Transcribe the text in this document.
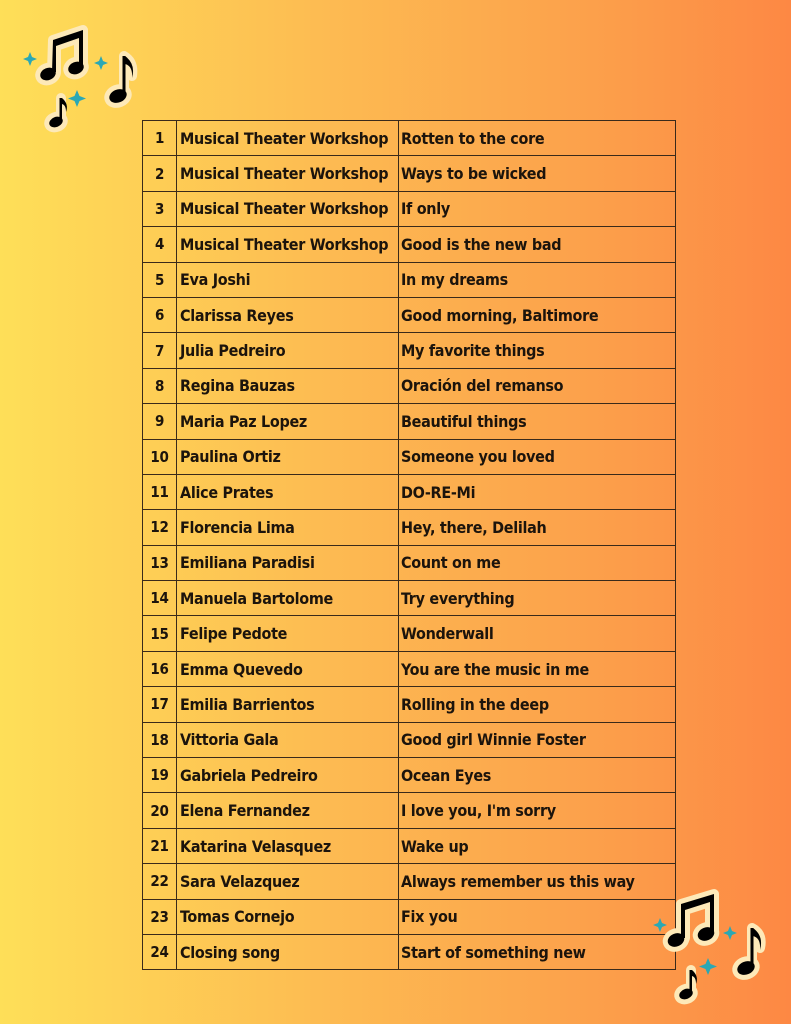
1	Musical Theater Workshop	Rotten to the core
2	Musical Theater Workshop	Ways to be wicked
3	Musical Theater Workshop	If only
4	Musical Theater Workshop	Good is the new bad
5	Eva Joshi	In my dreams
6	Clarissa Reyes	Good morning, Baltimore
7	Julia Pedreiro	My favorite things
8	Regina Bauzas	Oración del remanso
9	Maria Paz Lopez	Beautiful things
10	Paulina Ortiz	Someone you loved
11	Alice Prates	DO-RE-Mi
12	Florencia Lima	Hey, there, Delilah
13	Emiliana Paradisi	Count on me
14	Manuela Bartolome	Try everything
15	Felipe Pedote	Wonderwall
16	Emma Quevedo	You are the music in me
17	Emilia Barrientos	Rolling in the deep
18	Vittoria Gala	Good girl Winnie Foster
19	Gabriela Pedreiro	Ocean Eyes
20	Elena Fernandez	I love you, I'm sorry
21	Katarina Velasquez	Wake up
22	Sara Velazquez	Always remember us this way
23	Tomas Cornejo	Fix you
24	Closing song	Start of something new
